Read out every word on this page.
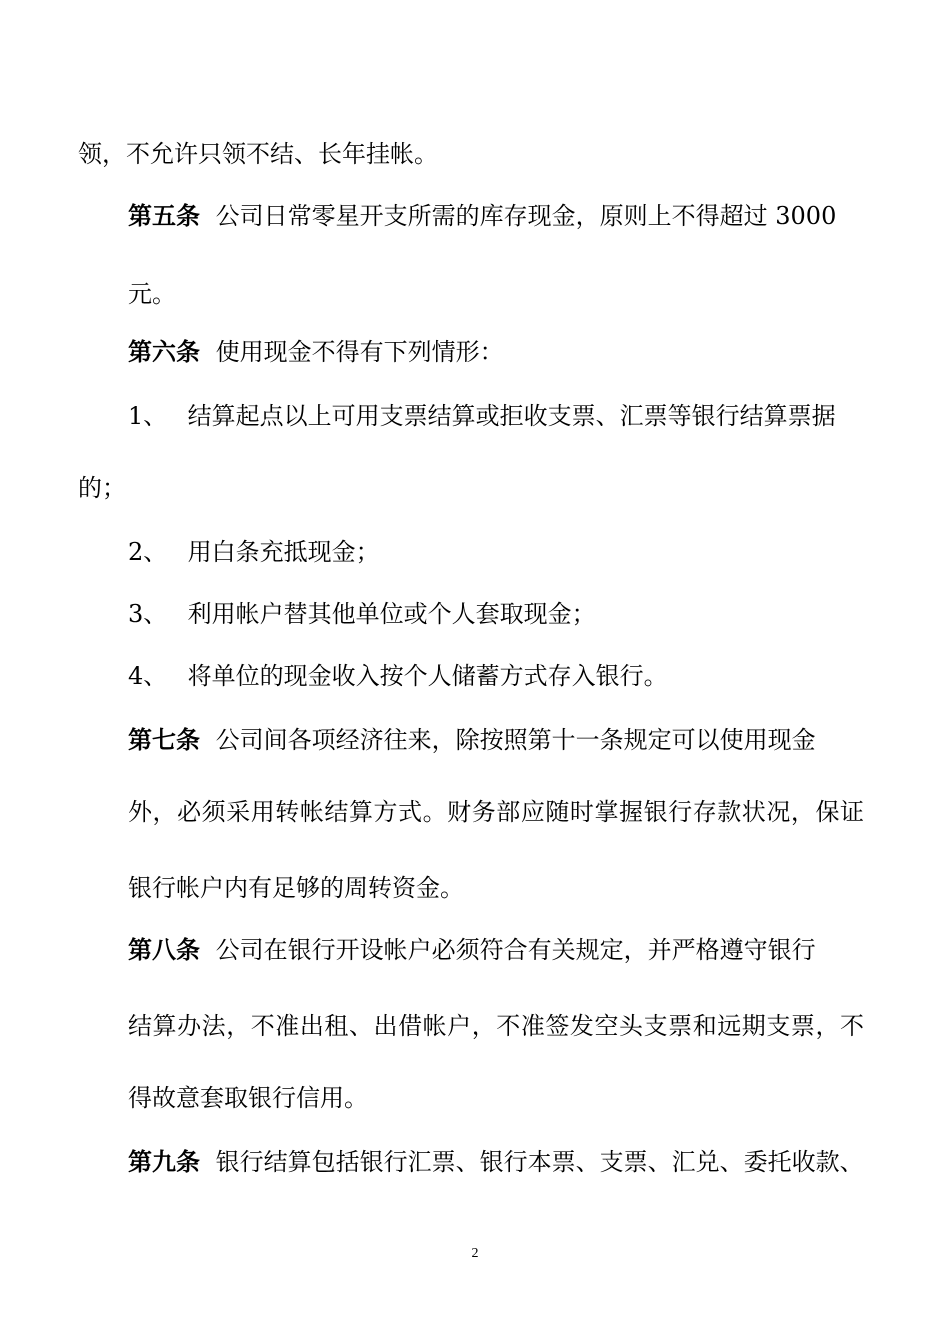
领，不允许只领不结、长年挂帐。
第五条 公司日常零星开支所需的库存现金，原则上不得超过 3000
元。
第六条 使用现金不得有下列情形：
1、 结算起点以上可用支票结算或拒收支票、汇票等银行结算票据
的；
2、 用白条充抵现金；
3、 利用帐户替其他单位或个人套取现金；
4、 将单位的现金收入按个人储蓄方式存入银行。
第七条 公司间各项经济往来，除按照第十一条规定可以使用现金
外，必须采用转帐结算方式。财务部应随时掌握银行存款状况，保证
银行帐户内有足够的周转资金。
第八条 公司在银行开设帐户必须符合有关规定，并严格遵守银行
结算办法，不准出租、出借帐户，不准签发空头支票和远期支票，不
得故意套取银行信用。
第九条 银行结算包括银行汇票、银行本票、支票、汇兑、委托收款、
2
